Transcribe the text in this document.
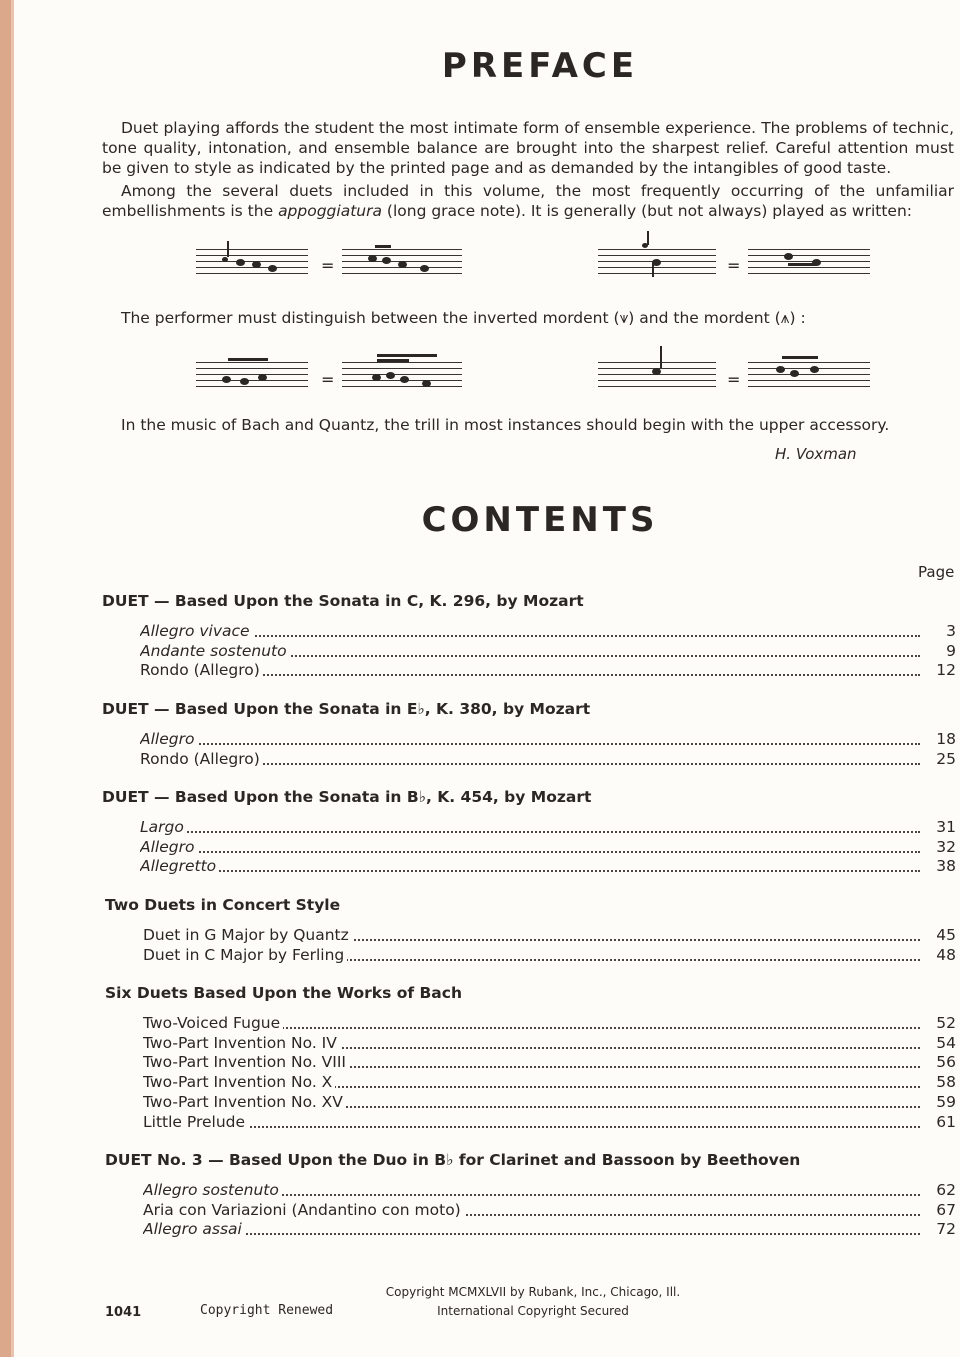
PREFACE
Duet playing affords the student the most intimate form of ensemble experience. The problems of technic, tone quality, intonation, and ensemble balance are brought into the sharpest relief. Careful attention must be given to style as indicated by the printed page and as demanded by the intangibles of good taste.
Among the several duets included in this volume, the most frequently occurring of the unfamiliar embellishments is the appoggiatura (long grace note). It is generally (but not always) played as written:
=	=
The performer must distinguish between the inverted mordent (⩛) and the mordent (⩚) :
=	=
In the music of Bach and Quantz, the trill in most instances should begin with the upper accessory.
H. Voxman
CONTENTS
Page
DUET — Based Upon the Sonata in C, K. 296, by Mozart
Allegro vivace	3
Andante sostenuto	9
Rondo (Allegro)	12
DUET — Based Upon the Sonata in E♭, K. 380, by Mozart
Allegro	18
Rondo (Allegro)	25
DUET — Based Upon the Sonata in B♭, K. 454, by Mozart
Largo	31
Allegro	32
Allegretto	38
Two Duets in Concert Style
Duet in G Major by Quantz	45
Duet in C Major by Ferling	48
Six Duets Based Upon the Works of Bach
Two-Voiced Fugue	52
Two-Part Invention No. IV	54
Two-Part Invention No. VIII	56
Two-Part Invention No. X	58
Two-Part Invention No. XV	59
Little Prelude	61
DUET No. 3 — Based Upon the Duo in B♭ for Clarinet and Bassoon by Beethoven
Allegro sostenuto	62
Aria con Variazioni (Andantino con moto)	67
Allegro assai	72
1041	Copyright Renewed
Copyright MCMXLVII by Rubank, Inc., Chicago, Ill.
International Copyright Secured
